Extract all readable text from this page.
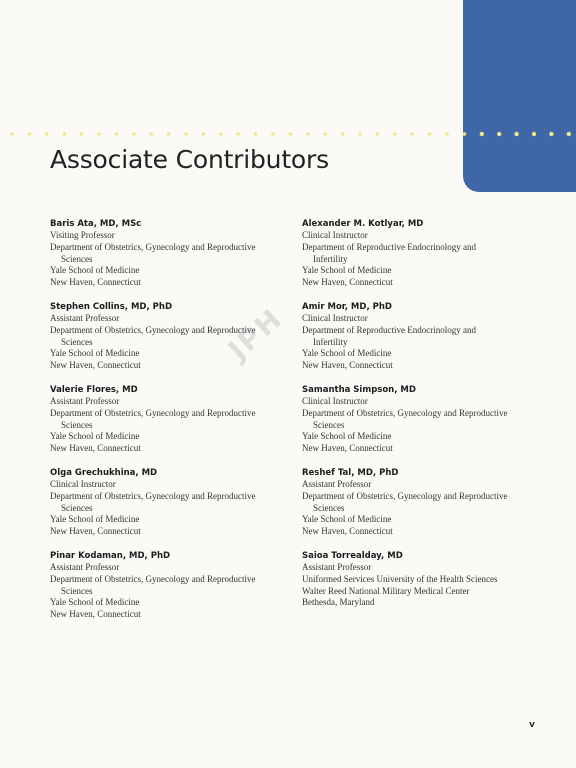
Associate Contributors
Baris Ata, MD, MSc
Visiting Professor
Department of Obstetrics, Gynecology and Reproductive
Sciences
Yale School of Medicine
New Haven, Connecticut
Stephen Collins, MD, PhD
Assistant Professor
Department of Obstetrics, Gynecology and Reproductive
Sciences
Yale School of Medicine
New Haven, Connecticut
Valerie Flores, MD
Assistant Professor
Department of Obstetrics, Gynecology and Reproductive
Sciences
Yale School of Medicine
New Haven, Connecticut
Olga Grechukhina, MD
Clinical Instructor
Department of Obstetrics, Gynecology and Reproductive
Sciences
Yale School of Medicine
New Haven, Connecticut
Pinar Kodaman, MD, PhD
Assistant Professor
Department of Obstetrics, Gynecology and Reproductive
Sciences
Yale School of Medicine
New Haven, Connecticut
Alexander M. Kotlyar, MD
Clinical Instructor
Department of Reproductive Endocrinology and
Infertility
Yale School of Medicine
New Haven, Connecticut
Amir Mor, MD, PhD
Clinical Instructor
Department of Reproductive Endocrinology and
Infertility
Yale School of Medicine
New Haven, Connecticut
Samantha Simpson, MD
Clinical Instructor
Department of Obstetrics, Gynecology and Reproductive
Sciences
Yale School of Medicine
New Haven, Connecticut
Reshef Tal, MD, PhD
Assistant Professor
Department of Obstetrics, Gynecology and Reproductive
Sciences
Yale School of Medicine
New Haven, Connecticut
Saioa Torrealday, MD
Assistant Professor
Uniformed Services University of the Health Sciences
Walter Reed National Military Medical Center
Bethesda, Maryland
JPH
v
